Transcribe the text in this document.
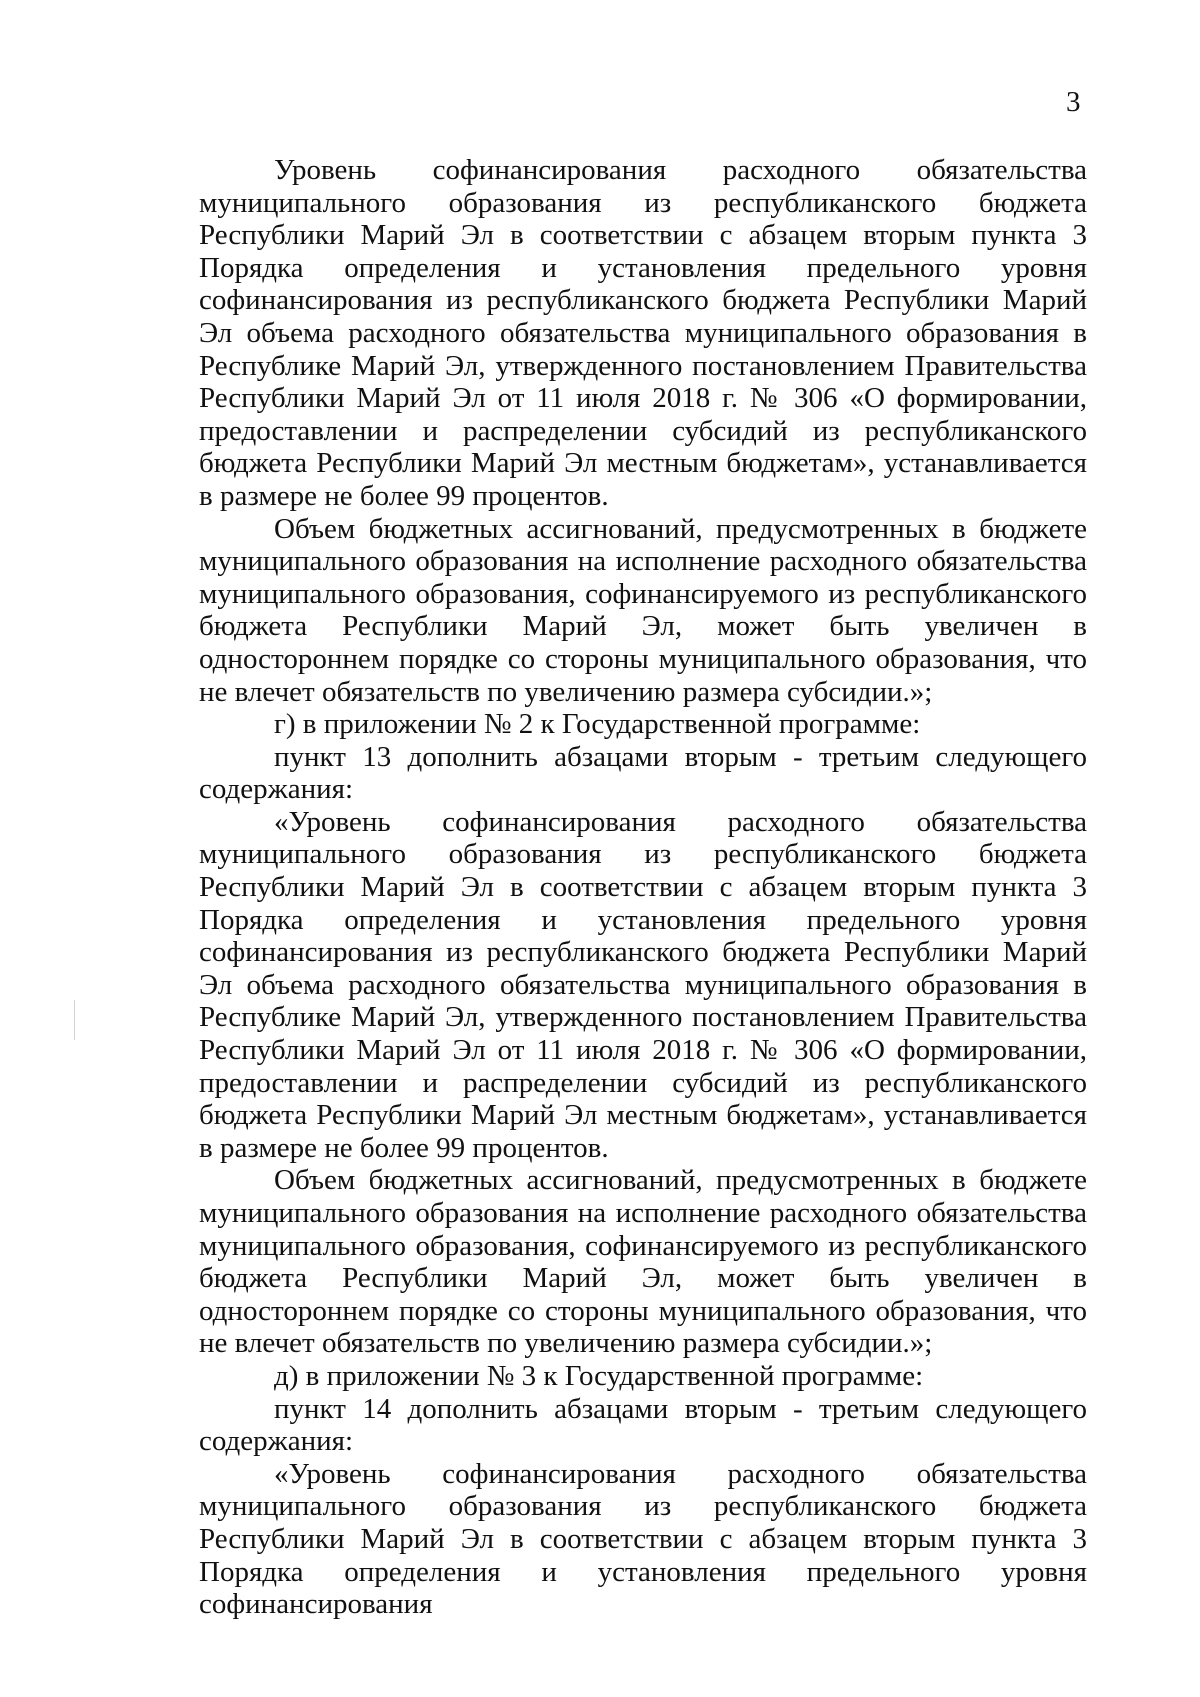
3

Уровень софинансирования расходного обязательства муниципального образования из республиканского бюджета Республики Марий Эл в соответствии с абзацем вторым пункта 3 Порядка определения и установления предельного уровня софинансирования из республиканского бюджета Республики Марий Эл объема расходного обязательства муниципального образования в Республике Марий Эл, утвержденного постановлением Правительства Республики Марий Эл от 11 июля 2018 г. № 306 «О формировании, предоставлении и распределении субсидий из республиканского бюджета Республики Марий Эл местным бюджетам», устанавливается в размере не более 99 процентов.

Объем бюджетных ассигнований, предусмотренных в бюджете муниципального образования на исполнение расходного обязательства муниципального образования, софинансируемого из республиканского бюджета Республики Марий Эл, может быть увеличен в одностороннем порядке со стороны муниципального образования, что не влечет обязательств по увеличению размера субсидии.»;

г) в приложении № 2 к Государственной программе:

пункт 13 дополнить абзацами вторым - третьим следующего содержания:

«Уровень софинансирования расходного обязательства муниципального образования из республиканского бюджета Республики Марий Эл в соответствии с абзацем вторым пункта 3 Порядка определения и установления предельного уровня софинансирования из республиканского бюджета Республики Марий Эл объема расходного обязательства муниципального образования в Республике Марий Эл, утвержденного постановлением Правительства Республики Марий Эл от 11 июля 2018 г. № 306 «О формировании, предоставлении и распределении субсидий из республиканского бюджета Республики Марий Эл местным бюджетам», устанавливается в размере не более 99 процентов.

Объем бюджетных ассигнований, предусмотренных в бюджете муниципального образования на исполнение расходного обязательства муниципального образования, софинансируемого из республиканского бюджета Республики Марий Эл, может быть увеличен в одностороннем порядке со стороны муниципального образования, что не влечет обязательств по увеличению размера субсидии.»;

д) в приложении № 3 к Государственной программе:

пункт 14 дополнить абзацами вторым - третьим следующего содержания:

«Уровень софинансирования расходного обязательства муниципального образования из республиканского бюджета Республики Марий Эл в соответствии с абзацем вторым пункта 3 Порядка определения и установления предельного уровня софинансирования
